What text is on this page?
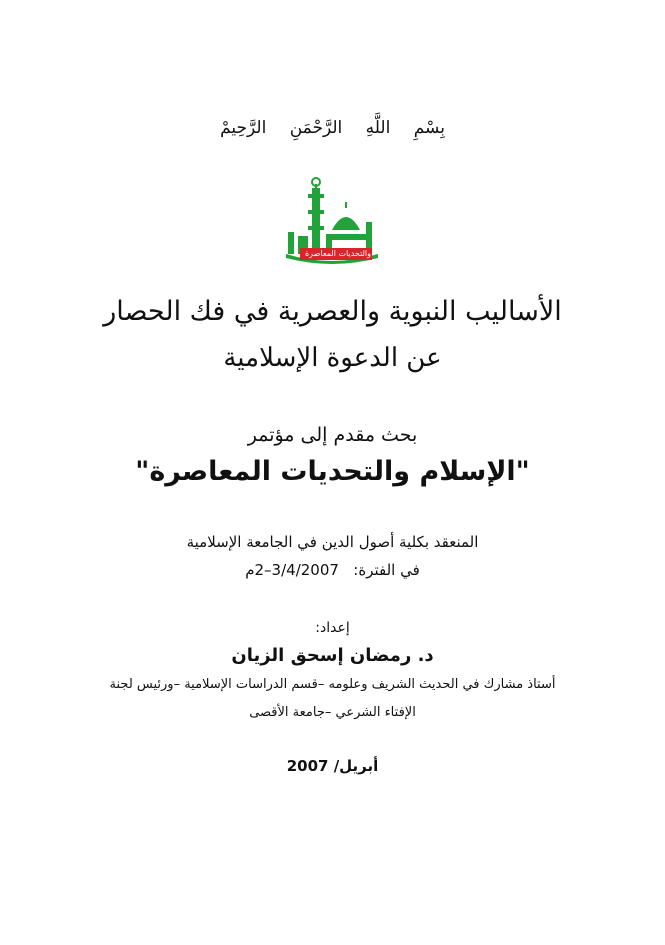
بِسْمِ اللَّهِ الرَّحْمَنِ الرَّحِيمْ
والتحديات المعاصرة
الأساليب النبوية والعصرية في فك الحصار
عن الدعوة الإسلامية
بحث مقدم إلى مؤتمر
"الإسلام والتحديات المعاصرة"
المنعقد بكلية أصول الدين في الجامعة الإسلامية
في الفترة:   2–3/4/2007م
إعداد:
د. رمضان إسحق الزيان
أستاذ مشارك في الحديث الشريف وعلومه –قسم الدراسات الإسلامية –ورئيس لجنة
الإفتاء الشرعي –جامعة الأقصى
أبريل/ 2007
